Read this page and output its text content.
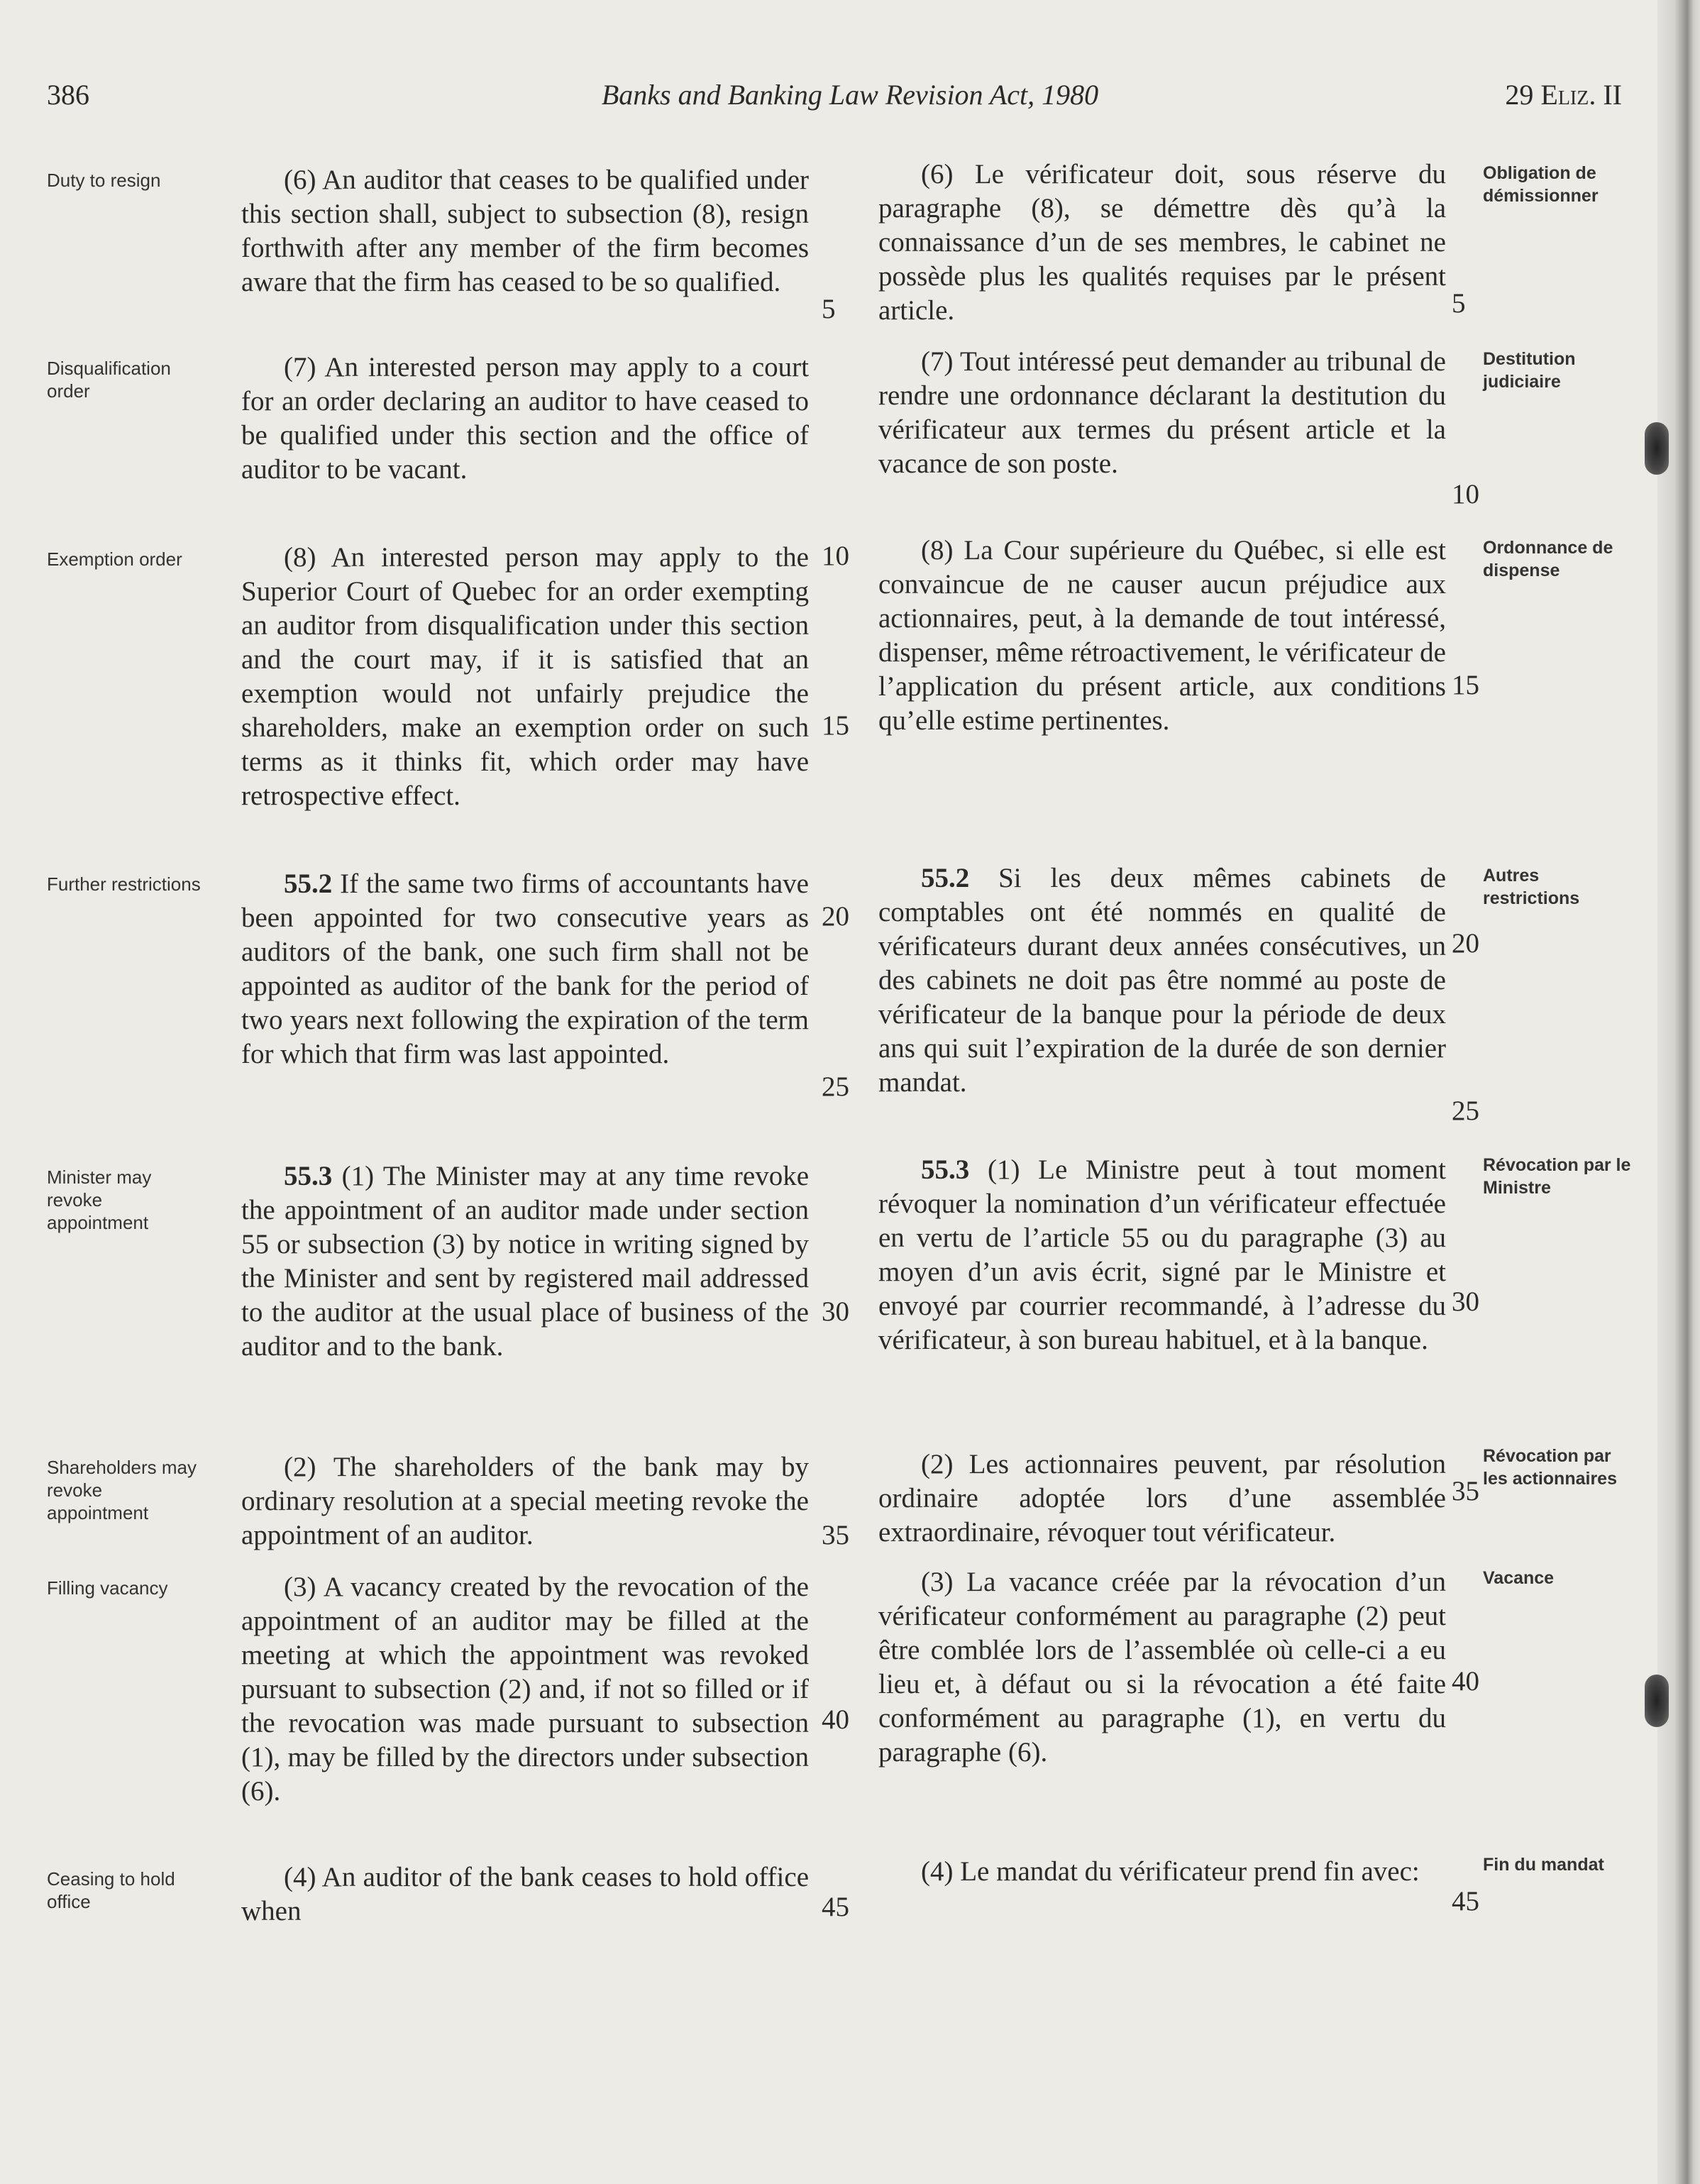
386	Banks and Banking Law Revision Act, 1980	29 Eliz. II
Duty to resign
Disqualification order
Exemption order
Further restrictions
Minister may revoke appointment
Shareholders may revoke appointment
Filling vacancy
Ceasing to hold office
(6) An auditor that ceases to be qualified under this section shall, subject to subsection (8), resign forthwith after any member of the firm becomes aware that the firm has ceased to be so qualified.
(7) An interested person may apply to a court for an order declaring an auditor to have ceased to be qualified under this section and the office of auditor to be vacant.
(8) An interested person may apply to the Superior Court of Quebec for an order exempting an auditor from disqualification under this section and the court may, if it is satisfied that an exemption would not unfairly prejudice the shareholders, make an exemption order on such terms as it thinks fit, which order may have retrospective effect.
55.2 If the same two firms of accountants have been appointed for two consecutive years as auditors of the bank, one such firm shall not be appointed as auditor of the bank for the period of two years next following the expiration of the term for which that firm was last appointed.
55.3 (1) The Minister may at any time revoke the appointment of an auditor made under section 55 or subsection (3) by notice in writing signed by the Minister and sent by registered mail addressed to the auditor at the usual place of business of the auditor and to the bank.
(2) The shareholders of the bank may by ordinary resolution at a special meeting revoke the appointment of an auditor.
(3) A vacancy created by the revocation of the appointment of an auditor may be filled at the meeting at which the appointment was revoked pursuant to subsection (2) and, if not so filled or if the revocation was made pursuant to subsection (1), may be filled by the directors under subsection (6).
(4) An auditor of the bank ceases to hold office when
5
10
15
20
25
30
35
40
45
Obligation de démissionner
Destitution judiciaire
Ordonnance de dispense
Autres restrictions
Révocation par le Ministre
Révocation par les actionnaires
Vacance
Fin du mandat
(6) Le vérificateur doit, sous réserve du paragraphe (8), se démettre dès qu’à la connaissance d’un de ses membres, le cabinet ne possède plus les qualités requises par le présent article.
(7) Tout intéressé peut demander au tribunal de rendre une ordonnance déclarant la destitution du vérificateur aux termes du présent article et la vacance de son poste.
(8) La Cour supérieure du Québec, si elle est convaincue de ne causer aucun préjudice aux actionnaires, peut, à la demande de tout intéressé, dispenser, même rétroactivement, le vérificateur de l’application du présent article, aux conditions qu’elle estime pertinentes.
55.2 Si les deux mêmes cabinets de comptables ont été nommés en qualité de vérificateurs durant deux années consécutives, un des cabinets ne doit pas être nommé au poste de vérificateur de la banque pour la période de deux ans qui suit l’expiration de la durée de son dernier mandat.
55.3 (1) Le Ministre peut à tout moment révoquer la nomination d’un vérificateur effectuée en vertu de l’article 55 ou du paragraphe (3) au moyen d’un avis écrit, signé par le Ministre et envoyé par courrier recommandé, à l’adresse du vérificateur, à son bureau habituel, et à la banque.
(2) Les actionnaires peuvent, par résolution ordinaire adoptée lors d’une assemblée extraordinaire, révoquer tout vérificateur.
(3) La vacance créée par la révocation d’un vérificateur conformément au paragraphe (2) peut être comblée lors de l’assemblée où celle-ci a eu lieu et, à défaut ou si la révocation a été faite conformément au paragraphe (1), en vertu du paragraphe (6).
(4) Le mandat du vérificateur prend fin avec:
5
10
15
20
25
30
35
40
45
